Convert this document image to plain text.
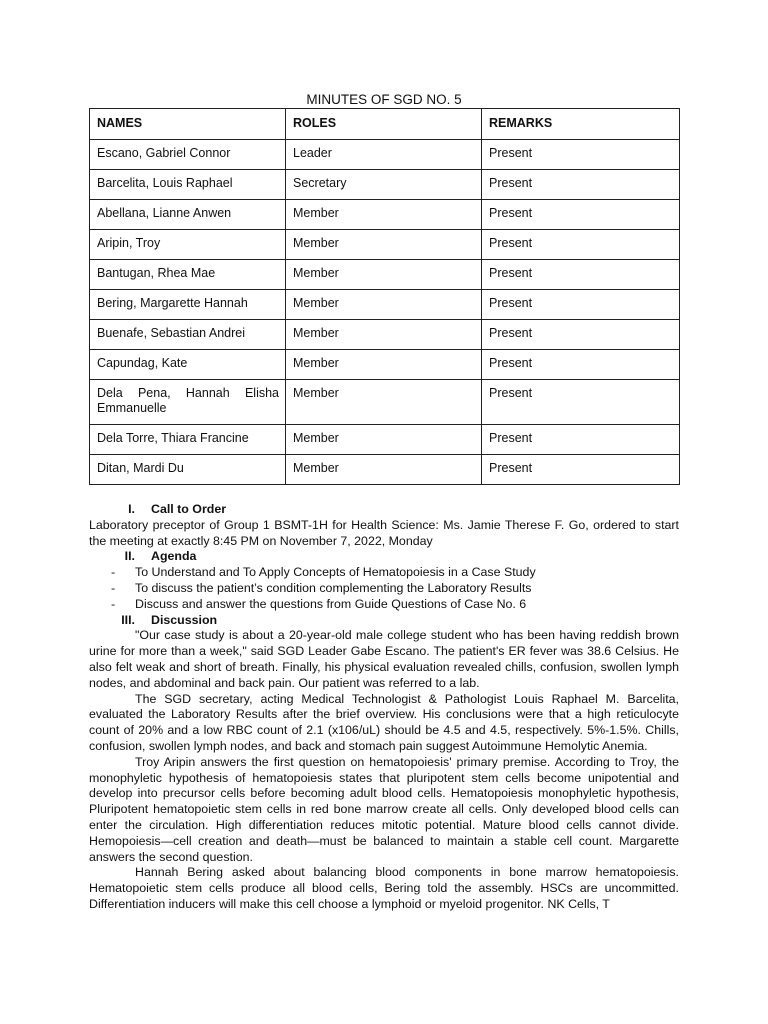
MINUTES OF SGD NO. 5
NAMES	ROLES	REMARKS
Escano, Gabriel Connor	Leader	Present
Barcelita, Louis Raphael	Secretary	Present
Abellana, Lianne Anwen	Member	Present
Aripin, Troy	Member	Present
Bantugan, Rhea Mae	Member	Present
Bering, Margarette Hannah	Member	Present
Buenafe, Sebastian Andrei	Member	Present
Capundag, Kate	Member	Present
Dela Pena, Hannah Elisha Emmanuelle	Member	Present
Dela Torre, Thiara Francine	Member	Present
Ditan, Mardi Du	Member	Present
I.	Call to Order

Laboratory preceptor of Group 1 BSMT-1H for Health Science: Ms. Jamie Therese F. Go, ordered to start the meeting at exactly 8:45 PM on November 7, 2022, Monday

II.	Agenda
- To Understand and To Apply Concepts of Hematopoiesis in a Case Study
- To discuss the patient’s condition complementing the Laboratory Results
- Discuss and answer the questions from Guide Questions of Case No. 6
III.	Discussion

"Our case study is about a 20-year-old male college student who has been having reddish brown urine for more than a week," said SGD Leader Gabe Escano. The patient's ER fever was 38.6 Celsius. He also felt weak and short of breath. Finally, his physical evaluation revealed chills, confusion, swollen lymph nodes, and abdominal and back pain. Our patient was referred to a lab.

The SGD secretary, acting Medical Technologist & Pathologist Louis Raphael M. Barcelita, evaluated the Laboratory Results after the brief overview. His conclusions were that a high reticulocyte count of 20% and a low RBC count of 2.1 (x106/uL) should be 4.5 and 4.5, respectively. 5%-1.5%. Chills, confusion, swollen lymph nodes, and back and stomach pain suggest Autoimmune Hemolytic Anemia.

Troy Aripin answers the first question on hematopoiesis' primary premise. According to Troy, the monophyletic hypothesis of hematopoiesis states that pluripotent stem cells become unipotential and develop into precursor cells before becoming adult blood cells. Hematopoiesis monophyletic hypothesis, Pluripotent hematopoietic stem cells in red bone marrow create all cells. Only developed blood cells can enter the circulation. High differentiation reduces mitotic potential. Mature blood cells cannot divide. Hemopoiesis—cell creation and death—must be balanced to maintain a stable cell count. Margarette answers the second question.

Hannah Bering asked about balancing blood components in bone marrow hematopoiesis. Hematopoietic stem cells produce all blood cells, Bering told the assembly. HSCs are uncommitted. Differentiation inducers will make this cell choose a lymphoid or myeloid progenitor. NK Cells, T
